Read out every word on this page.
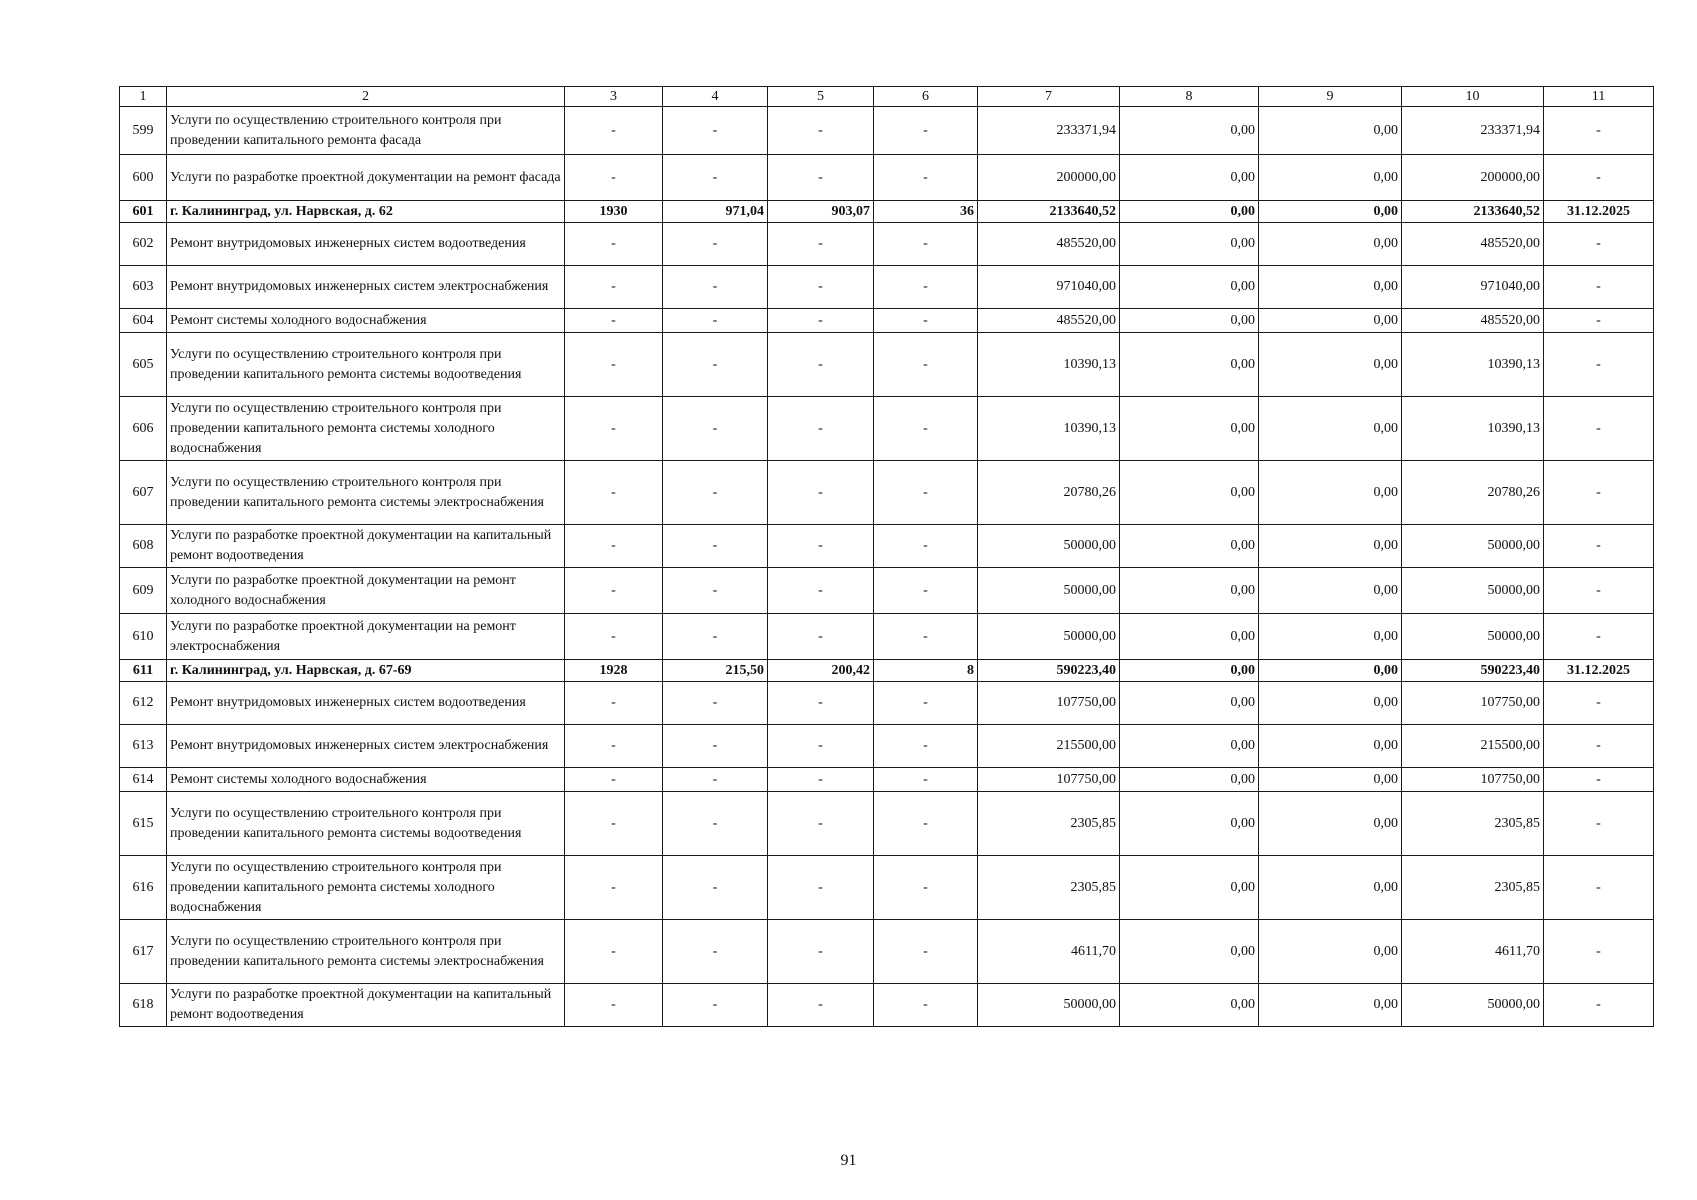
1	2	3	4	5	6	7	8	9	10	11
599	Услуги по осуществлению строительного контроля при проведении капитального ремонта фасада	-	-	-	-	233371,94	0,00	0,00	233371,94	-
600	Услуги по разработке проектной документации на ремонт фасада	-	-	-	-	200000,00	0,00	0,00	200000,00	-
601	г. Калининград, ул. Нарвская, д. 62	1930	971,04	903,07	36	2133640,52	0,00	0,00	2133640,52	31.12.2025
602	Ремонт внутридомовых инженерных систем водоотведения	-	-	-	-	485520,00	0,00	0,00	485520,00	-
603	Ремонт внутридомовых инженерных систем электроснабжения	-	-	-	-	971040,00	0,00	0,00	971040,00	-
604	Ремонт системы холодного водоснабжения	-	-	-	-	485520,00	0,00	0,00	485520,00	-
605	Услуги по осуществлению строительного контроля при проведении капитального ремонта системы водоотведения	-	-	-	-	10390,13	0,00	0,00	10390,13	-
606	Услуги по осуществлению строительного контроля при проведении капитального ремонта системы холодного водоснабжения	-	-	-	-	10390,13	0,00	0,00	10390,13	-
607	Услуги по осуществлению строительного контроля при проведении капитального ремонта системы электроснабжения	-	-	-	-	20780,26	0,00	0,00	20780,26	-
608	Услуги по разработке проектной документации на капитальный ремонт водоотведения	-	-	-	-	50000,00	0,00	0,00	50000,00	-
609	Услуги по разработке проектной документации на ремонт холодного водоснабжения	-	-	-	-	50000,00	0,00	0,00	50000,00	-
610	Услуги по разработке проектной документации на ремонт электроснабжения	-	-	-	-	50000,00	0,00	0,00	50000,00	-
611	г. Калининград, ул. Нарвская, д. 67-69	1928	215,50	200,42	8	590223,40	0,00	0,00	590223,40	31.12.2025
612	Ремонт внутридомовых инженерных систем водоотведения	-	-	-	-	107750,00	0,00	0,00	107750,00	-
613	Ремонт внутридомовых инженерных систем электроснабжения	-	-	-	-	215500,00	0,00	0,00	215500,00	-
614	Ремонт системы холодного водоснабжения	-	-	-	-	107750,00	0,00	0,00	107750,00	-
615	Услуги по осуществлению строительного контроля при проведении капитального ремонта системы водоотведения	-	-	-	-	2305,85	0,00	0,00	2305,85	-
616	Услуги по осуществлению строительного контроля при проведении капитального ремонта системы холодного водоснабжения	-	-	-	-	2305,85	0,00	0,00	2305,85	-
617	Услуги по осуществлению строительного контроля при проведении капитального ремонта системы электроснабжения	-	-	-	-	4611,70	0,00	0,00	4611,70	-
618	Услуги по разработке проектной документации на капитальный ремонт водоотведения	-	-	-	-	50000,00	0,00	0,00	50000,00	-
91
